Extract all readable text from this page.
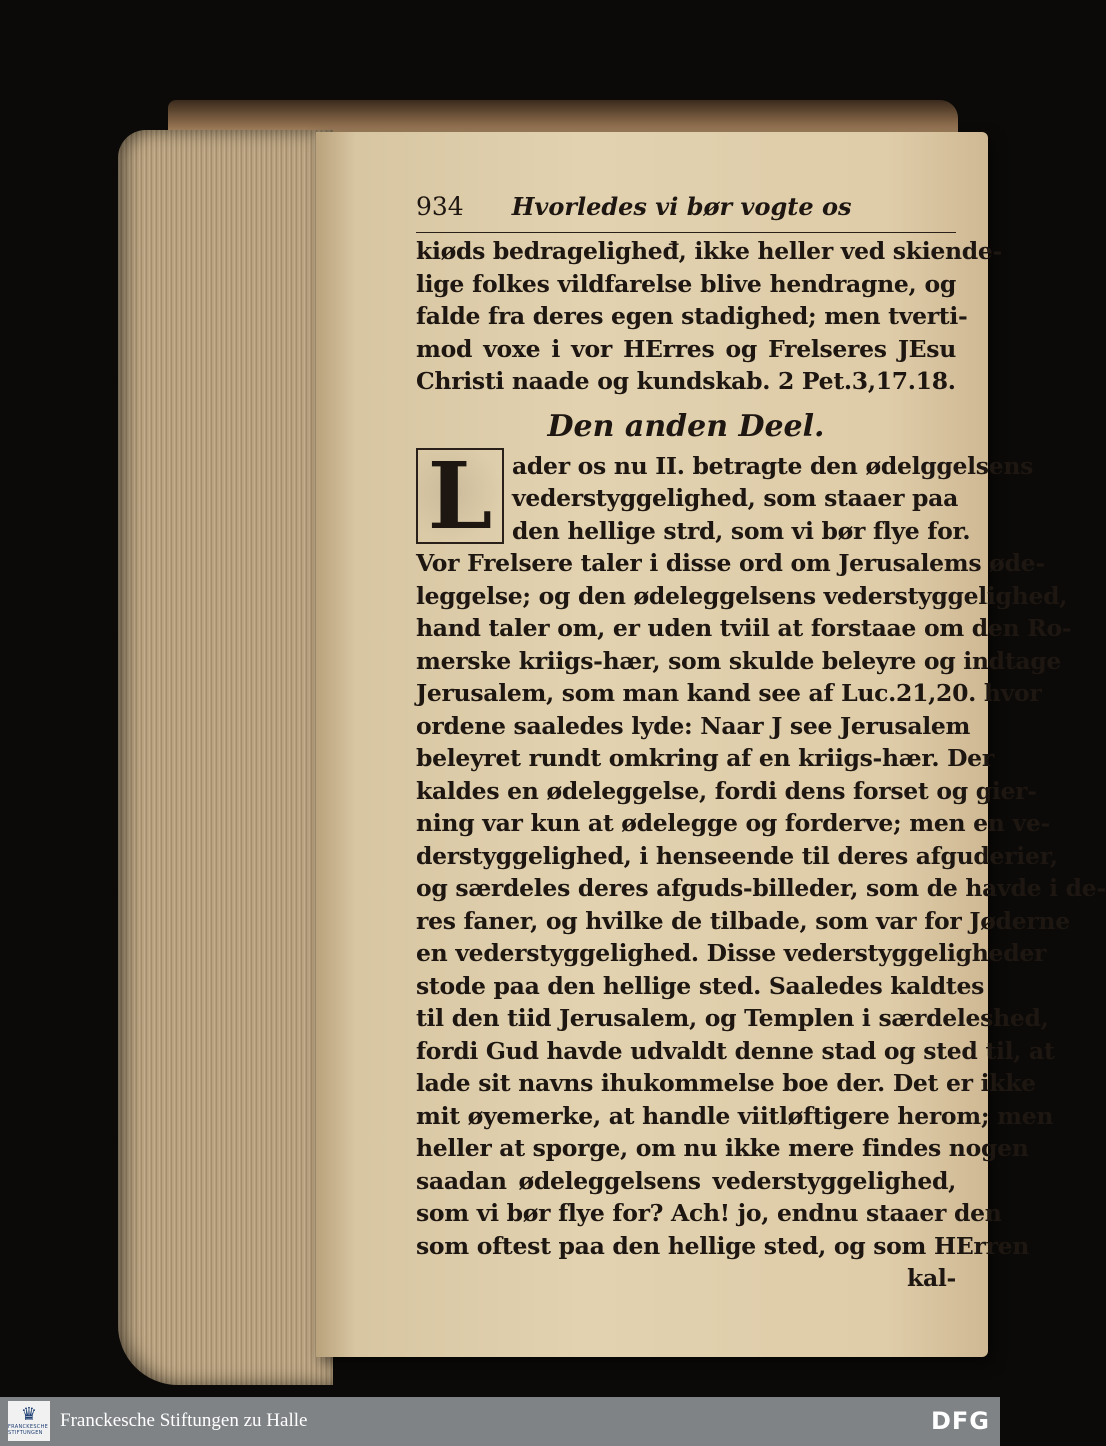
934 Hvorledes vi bør vogte os
kiøds bedrageligheđ, ikke heller ved skiende-
lige folkes vildfarelse blive hendragne, og
falde fra deres egen stadighed; men tverti-
mod voxe i vor HErres og Frelseres JEsu
Christi naade og kundskab. 2 Pet.3,17.18.
Den anden Deel.
L ader os nu II. betragte den ødelggelsens
vederstyggelighed, som staaer paa
den hellige strd, som vi bør flye for.
Vor Frelsere taler i disse ord om Jerusalems øde-
leggelse; og den ødeleggelsens vederstyggelighed,
hand taler om, er uden tviil at forstaae om den Ro-
merske kriigs-hær, som skulde beleyre og indtage
Jerusalem, som man kand see af Luc.21,20. hvor
ordene saaledes lyde: Naar J see Jerusalem
beleyret rundt omkring af en kriigs-hær. Der
kaldes en ødeleggelse, fordi dens forset og gier-
ning var kun at ødelegge og forderve; men en ve-
derstyggelighed, i henseende til deres afguderier,
og særdeles deres afguds-billeder, som de havde i de-
res faner, og hvilke de tilbade, som var for Jøderne
en vederstyggelighed. Disse vederstyggeligheder
stode paa den hellige sted. Saaledes kaldtes
til den tiid Jerusalem, og Templen i særdeleshed,
fordi Gud havde udvaldt denne stad og sted til, at
lade sit navns ihukommelse boe der. Det er ikke
mit øyemerke, at handle viitløftigere herom; men
heller at sporge, om nu ikke mere findes nogen
saadan ødeleggelsens vederstyggelighed,
som vi bør flye for? Ach! jo, endnu staaer den
som oftest paa den hellige sted, og som HErren
kal-
♛
FRANCKESCHE STIFTUNGEN
Franckesche Stiftungen zu Halle	DFG
